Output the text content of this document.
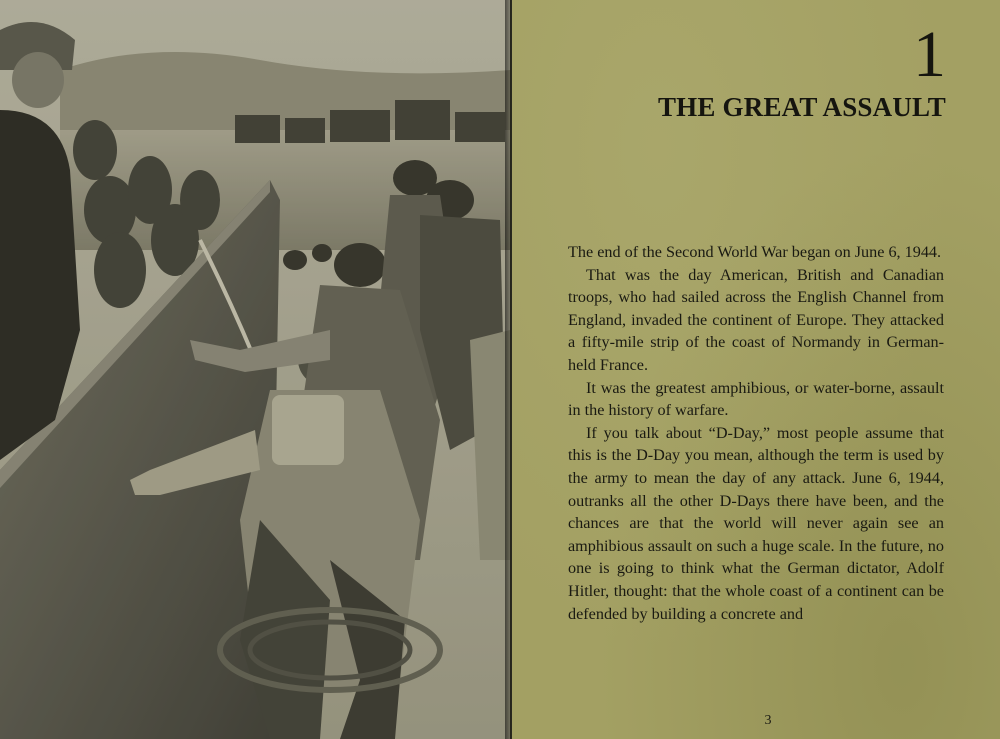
1
THE GREAT ASSAULT

The end of the Second World War began on June 6, 1944.

That was the day American, British and Canadian troops, who had sailed across the English Channel from England, invaded the continent of Europe. They attacked a fifty-mile strip of the coast of Normandy in German-held France.

It was the greatest amphibious, or water-borne, assault in the history of warfare.

If you talk about “D-Day,” most people assume that this is the D-Day you mean, although the term is used by the army to mean the day of any attack. June 6, 1944, outranks all the other D-Days there have been, and the chances are that the world will never again see an amphibious assault on such a huge scale. In the future, no one is going to think what the German dictator, Adolf Hitler, thought: that the whole coast of a continent can be defended by building a concrete and

3
